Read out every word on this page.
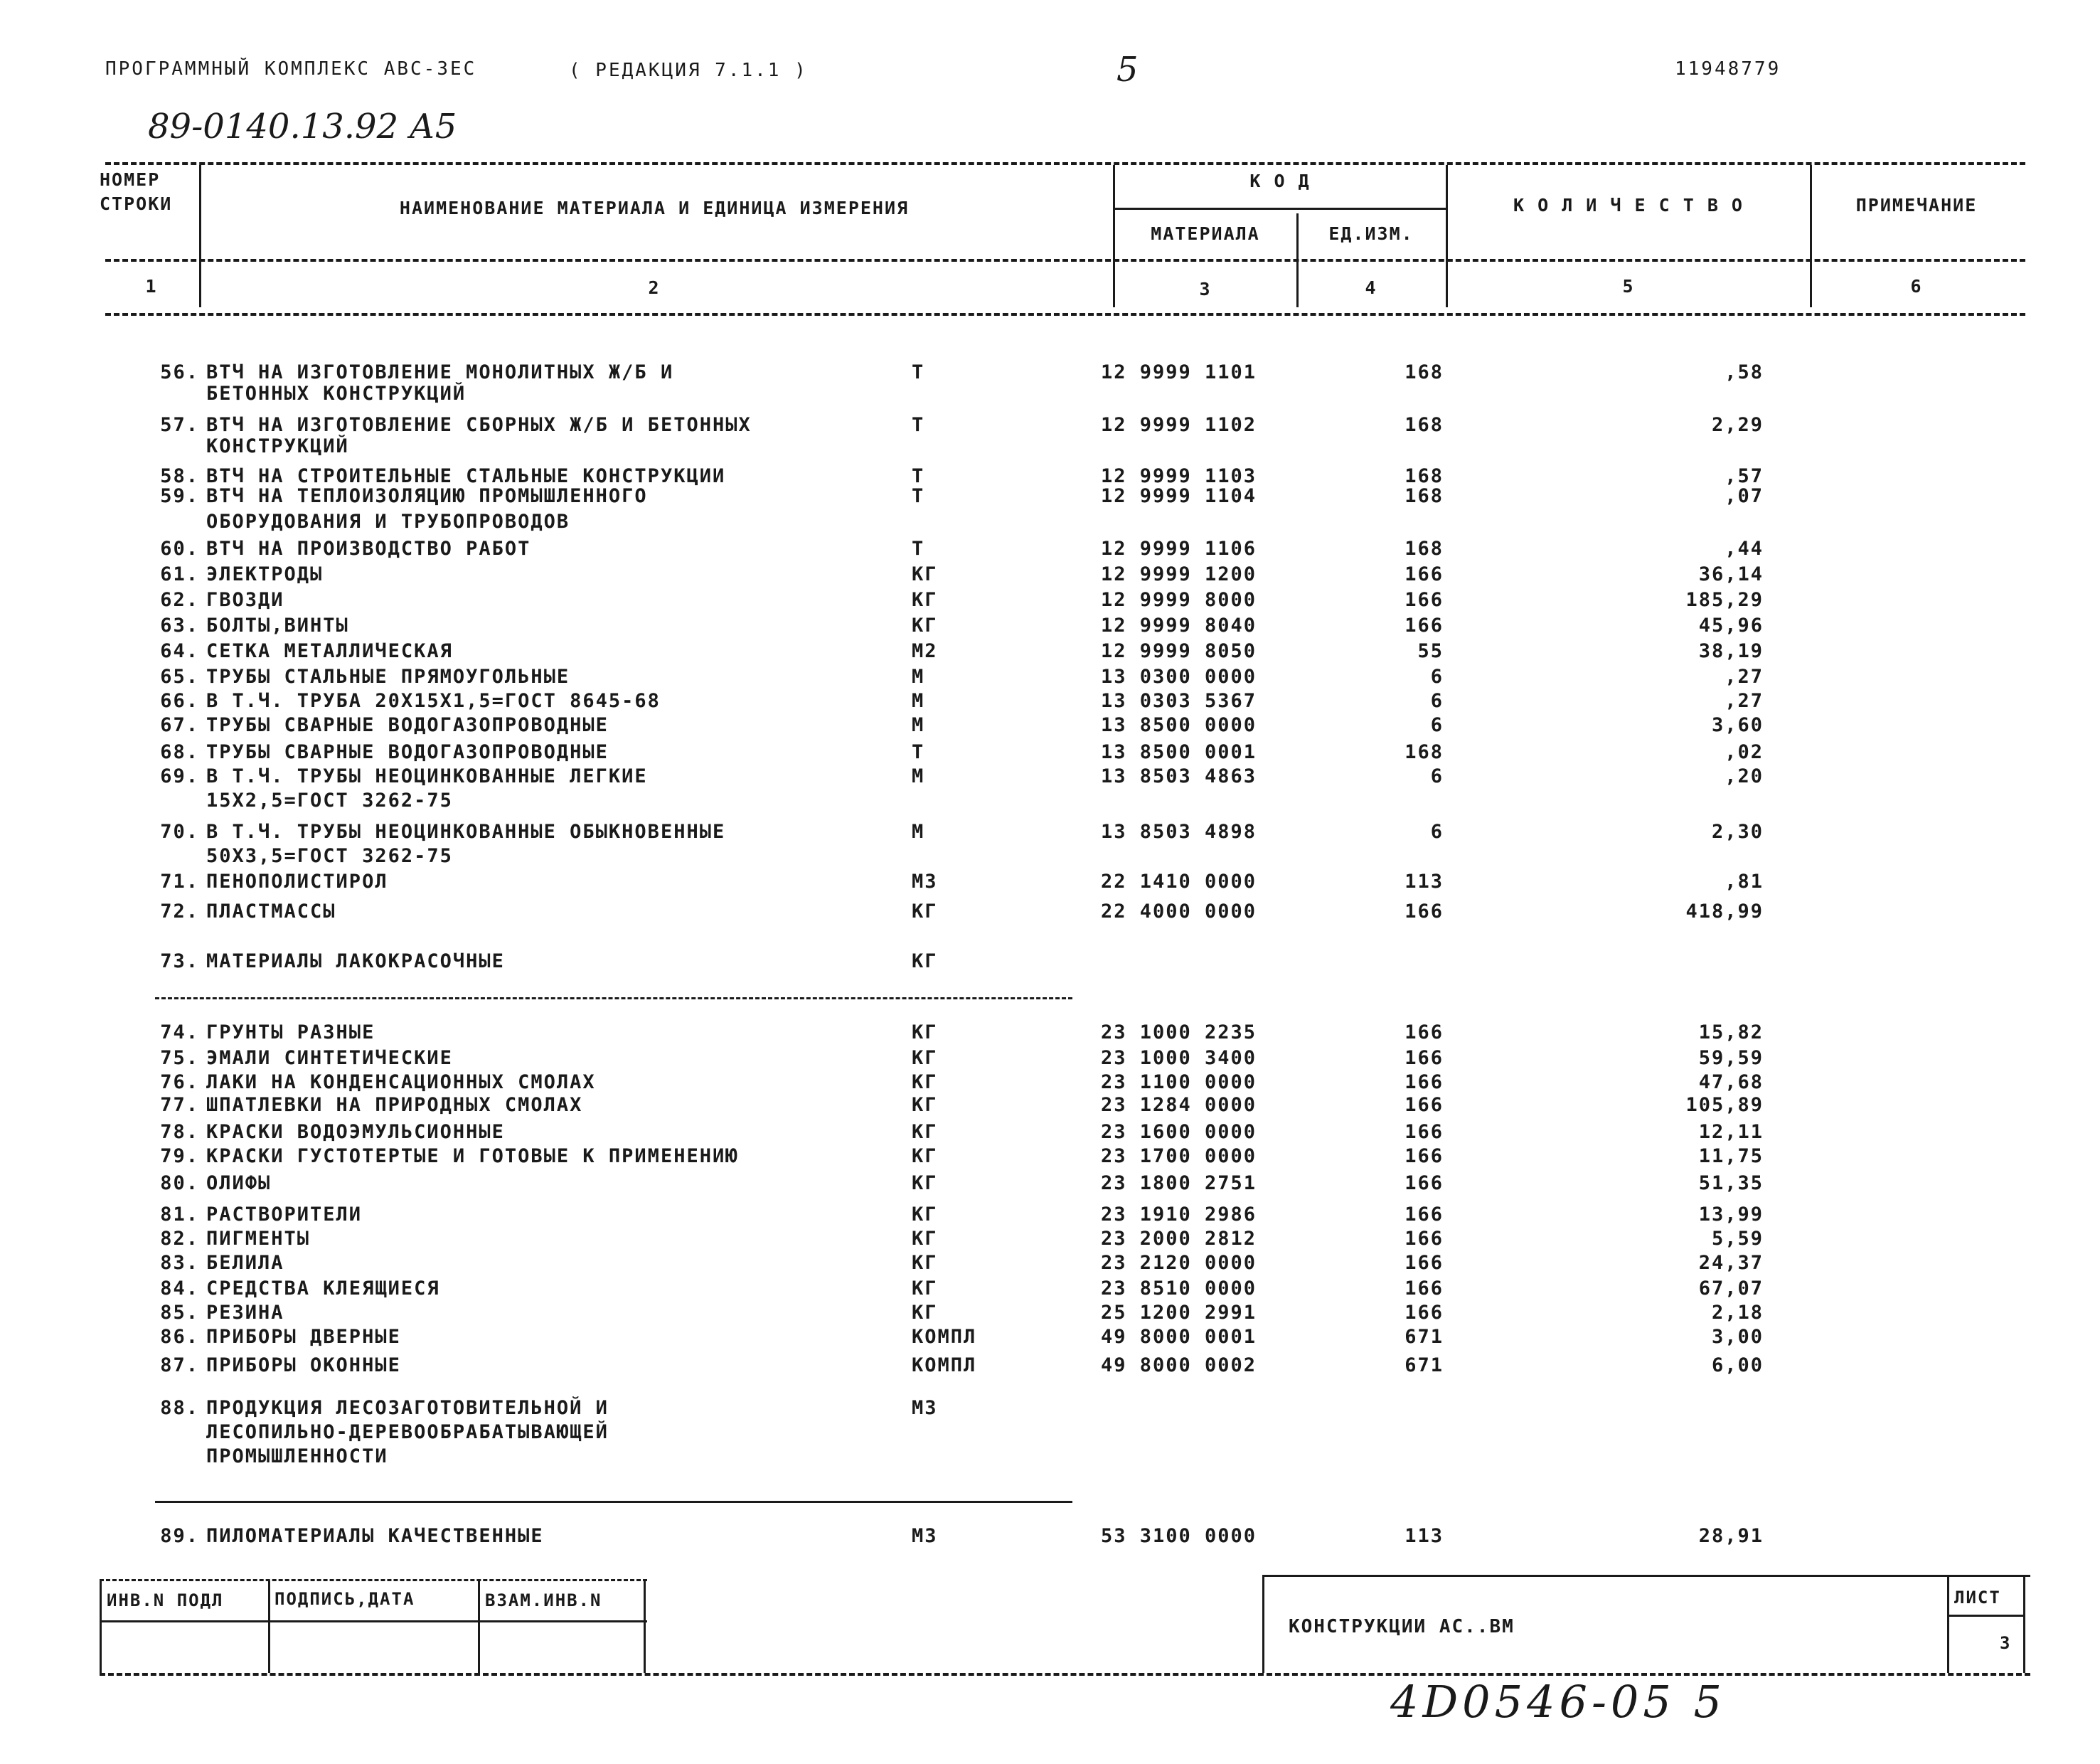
ПРОГРАММНЫЙ КОМПЛЕКС АВС-3ЕС	( РЕДАКЦИЯ 7.1.1 )	5	11948779
89-0140.13.92 А5
НОМЕР СТРОКИ	НАИМЕНОВАНИЕ МАТЕРИАЛА И ЕДИНИЦА ИЗМЕРЕНИЯ
К О Д
МАТЕРИАЛА	ЕД.ИЗМ.
К О Л И Ч Е С Т В О	ПРИМЕЧАНИЕ
1	2	3	4	5	6
56. ВТЧ НА ИЗГОТОВЛЕНИЕ МОНОЛИТНЫХ Ж/Б И	Т	12 9999 1101	168	,58
БЕТОННЫХ КОНСТРУКЦИЙ
57. ВТЧ НА ИЗГОТОВЛЕНИЕ СБОРНЫХ Ж/Б И БЕТОННЫХ	Т	12 9999 1102	168	2,29
КОНСТРУКЦИЙ
58. ВТЧ НА СТРОИТЕЛЬНЫЕ СТАЛЬНЫЕ КОНСТРУКЦИИ	Т	12 9999 1103	168	,57
59. ВТЧ НА ТЕПЛОИЗОЛЯЦИЮ ПРОМЫШЛЕННОГО	Т	12 9999 1104	168	,07
ОБОРУДОВАНИЯ И ТРУБОПРОВОДОВ
60. ВТЧ НА ПРОИЗВОДСТВО РАБОТ	Т	12 9999 1106	168	,44
61. ЭЛЕКТРОДЫ	КГ	12 9999 1200	166	36,14
62. ГВОЗДИ	КГ	12 9999 8000	166	185,29
63. БОЛТЫ,ВИНТЫ	КГ	12 9999 8040	166	45,96
64. СЕТКА МЕТАЛЛИЧЕСКАЯ	М2	12 9999 8050	55	38,19
65. ТРУБЫ СТАЛЬНЫЕ ПРЯМОУГОЛЬНЫЕ	М	13 0300 0000	6	,27
66. В Т.Ч. ТРУБА 20Х15Х1,5=ГОСТ 8645-68	М	13 0303 5367	6	,27
67. ТРУБЫ СВАРНЫЕ ВОДОГАЗОПРОВОДНЫЕ	М	13 8500 0000	6	3,60
68. ТРУБЫ СВАРНЫЕ ВОДОГАЗОПРОВОДНЫЕ	Т	13 8500 0001	168	,02
69. В Т.Ч. ТРУБЫ НЕОЦИНКОВАННЫЕ ЛЕГКИЕ	М	13 8503 4863	6	,20
15Х2,5=ГОСТ 3262-75
70. В Т.Ч. ТРУБЫ НЕОЦИНКОВАННЫЕ ОБЫКНОВЕННЫЕ	М	13 8503 4898	6	2,30
50Х3,5=ГОСТ 3262-75
71. ПЕНОПОЛИСТИРОЛ	М3	22 1410 0000	113	,81
72. ПЛАСТМАССЫ	КГ	22 4000 0000	166	418,99
73. МАТЕРИАЛЫ ЛАКОКРАСОЧНЫЕ	КГ
74. ГРУНТЫ РАЗНЫЕ	КГ	23 1000 2235	166	15,82
75. ЭМАЛИ СИНТЕТИЧЕСКИЕ	КГ	23 1000 3400	166	59,59
76. ЛАКИ НА КОНДЕНСАЦИОННЫХ СМОЛАХ	КГ	23 1100 0000	166	47,68
77. ШПАТЛЕВКИ НА ПРИРОДНЫХ СМОЛАХ	КГ	23 1284 0000	166	105,89
78. КРАСКИ ВОДОЭМУЛЬСИОННЫЕ	КГ	23 1600 0000	166	12,11
79. КРАСКИ ГУСТОТЕРТЫЕ И ГОТОВЫЕ К ПРИМЕНЕНИЮ	КГ	23 1700 0000	166	11,75
80. ОЛИФЫ	КГ	23 1800 2751	166	51,35
81. РАСТВОРИТЕЛИ	КГ	23 1910 2986	166	13,99
82. ПИГМЕНТЫ	КГ	23 2000 2812	166	5,59
83. БЕЛИЛА	КГ	23 2120 0000	166	24,37
84. СРЕДСТВА КЛЕЯЩИЕСЯ	КГ	23 8510 0000	166	67,07
85. РЕЗИНА	КГ	25 1200 2991	166	2,18
86. ПРИБОРЫ ДВЕРНЫЕ	КОМПЛ	49 8000 0001	671	3,00
87. ПРИБОРЫ ОКОННЫЕ	КОМПЛ	49 8000 0002	671	6,00
88. ПРОДУКЦИЯ ЛЕСОЗАГОТОВИТЕЛЬНОЙ И	М3
ЛЕСОПИЛЬНО-ДЕРЕВООБРАБАТЫВАЮЩЕЙ
ПРОМЫШЛЕННОСТИ
89. ПИЛОМАТЕРИАЛЫ КАЧЕСТВЕННЫЕ	М3	53 3100 0000	113	28,91
ИНВ.N ПОДЛ	ПОДПИСЬ,ДАТА	ВЗАМ.ИНВ.N
КОНСТРУКЦИИ АС..ВМ
ЛИСТ
3
4D0546-05 5
